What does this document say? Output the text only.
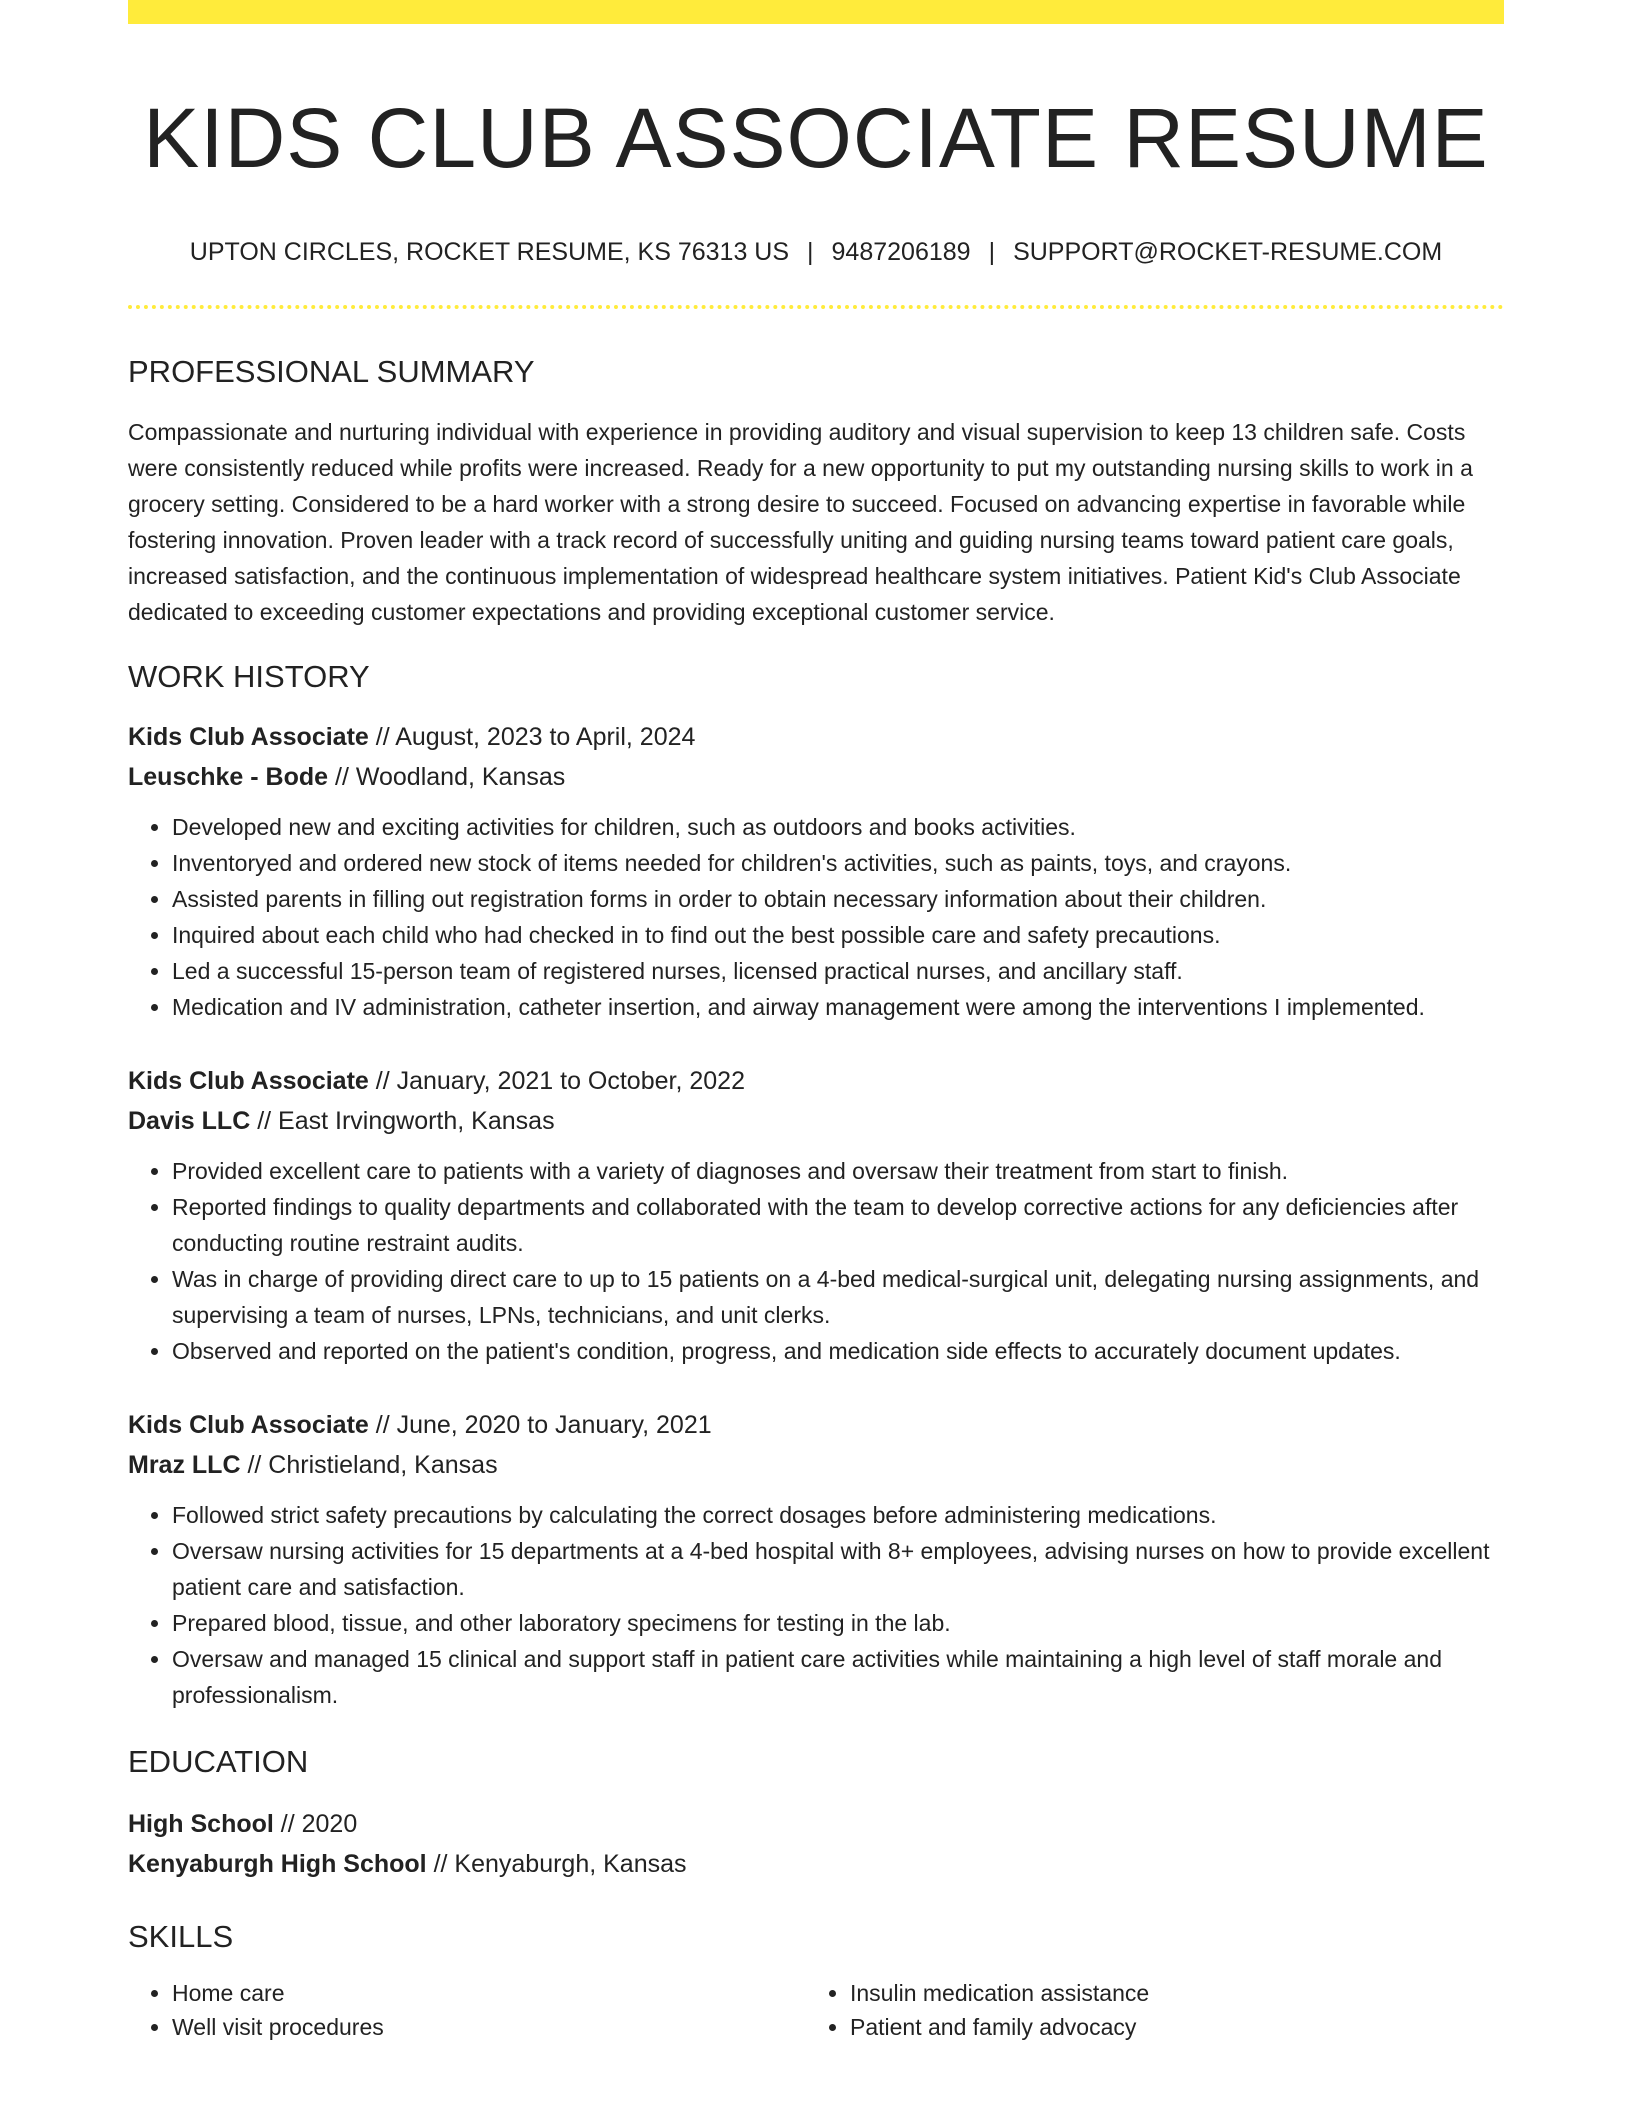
KIDS CLUB ASSOCIATE RESUME
UPTON CIRCLES, ROCKET RESUME, KS 76313 US | 9487206189 | SUPPORT@ROCKET-RESUME.COM
PROFESSIONAL SUMMARY
Compassionate and nurturing individual with experience in providing auditory and visual supervision to keep 13 children safe. Costs were consistently reduced while profits were increased. Ready for a new opportunity to put my outstanding nursing skills to work in a grocery setting. Considered to be a hard worker with a strong desire to succeed. Focused on advancing expertise in favorable while fostering innovation. Proven leader with a track record of successfully uniting and guiding nursing teams toward patient care goals, increased satisfaction, and the continuous implementation of widespread healthcare system initiatives. Patient Kid's Club Associate dedicated to exceeding customer expectations and providing exceptional customer service.
WORK HISTORY
Kids Club Associate // August, 2023 to April, 2024
Leuschke - Bode // Woodland, Kansas
• Developed new and exciting activities for children, such as outdoors and books activities.
• Inventoryed and ordered new stock of items needed for children's activities, such as paints, toys, and crayons.
• Assisted parents in filling out registration forms in order to obtain necessary information about their children.
• Inquired about each child who had checked in to find out the best possible care and safety precautions.
• Led a successful 15-person team of registered nurses, licensed practical nurses, and ancillary staff.
• Medication and IV administration, catheter insertion, and airway management were among the interventions I implemented.
Kids Club Associate // January, 2021 to October, 2022
Davis LLC // East Irvingworth, Kansas
• Provided excellent care to patients with a variety of diagnoses and oversaw their treatment from start to finish.
• Reported findings to quality departments and collaborated with the team to develop corrective actions for any deficiencies after conducting routine restraint audits.
• Was in charge of providing direct care to up to 15 patients on a 4-bed medical-surgical unit, delegating nursing assignments, and supervising a team of nurses, LPNs, technicians, and unit clerks.
• Observed and reported on the patient's condition, progress, and medication side effects to accurately document updates.
Kids Club Associate // June, 2020 to January, 2021
Mraz LLC // Christieland, Kansas
• Followed strict safety precautions by calculating the correct dosages before administering medications.
• Oversaw nursing activities for 15 departments at a 4-bed hospital with 8+ employees, advising nurses on how to provide excellent patient care and satisfaction.
• Prepared blood, tissue, and other laboratory specimens for testing in the lab.
• Oversaw and managed 15 clinical and support staff in patient care activities while maintaining a high level of staff morale and professionalism.
EDUCATION
High School // 2020
Kenyaburgh High School // Kenyaburgh, Kansas
SKILLS
• Home care
• Well visit procedures
• Insulin medication assistance
• Patient and family advocacy
